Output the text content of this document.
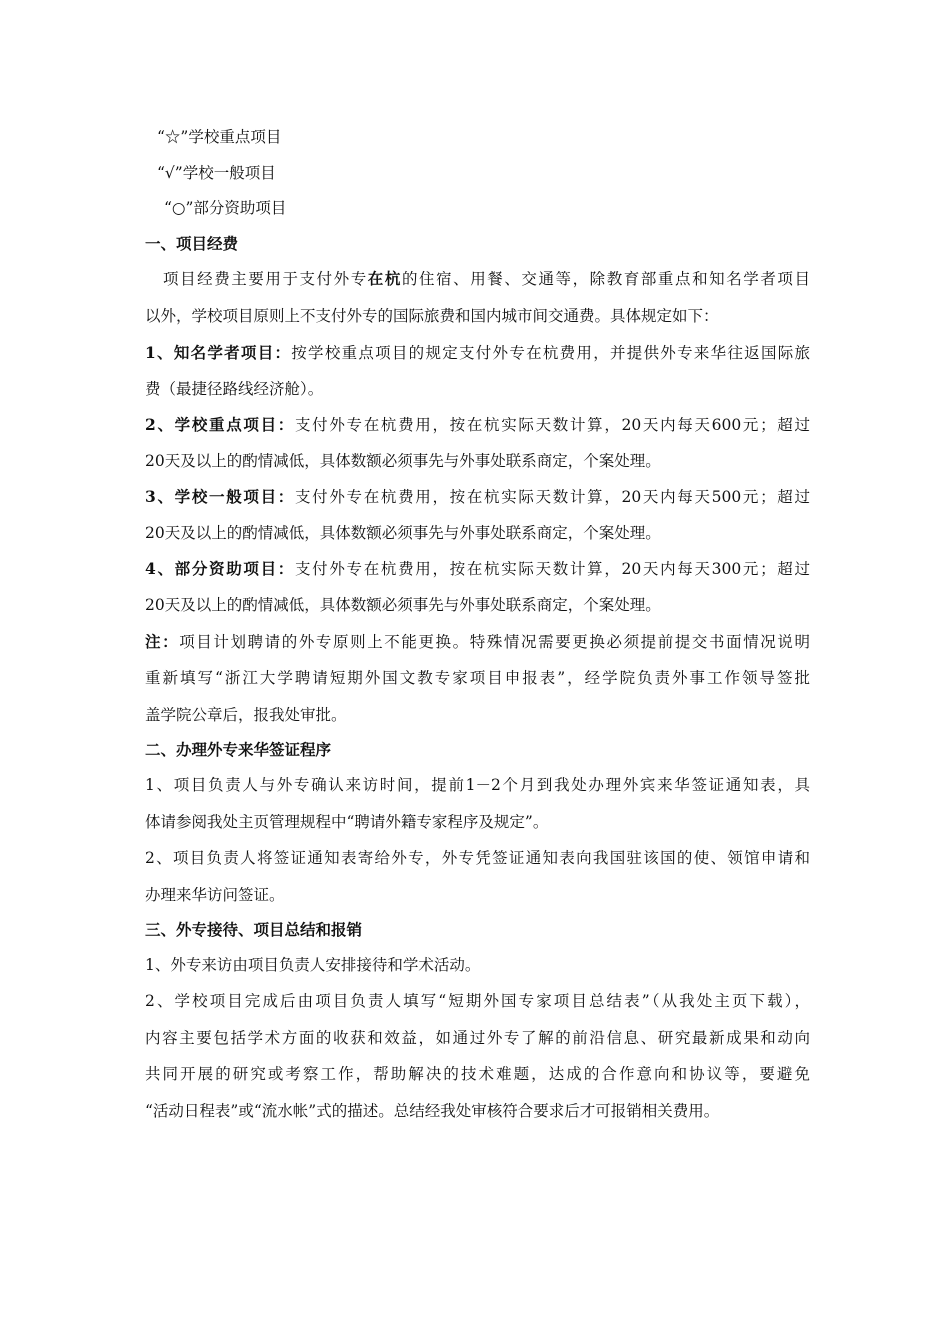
“☆”学校重点项目
“√”学校一般项目
“○”部分资助项目
一、项目经费
项目经费主要用于支付外专在杭的住宿、用餐、交通等，除教育部重点和知名学者项目
以外，学校项目原则上不支付外专的国际旅费和国内城市间交通费。具体规定如下：
1、知名学者项目：按学校重点项目的规定支付外专在杭费用，并提供外专来华往返国际旅
费（最捷径路线经济舱）。
2、学校重点项目：支付外专在杭费用，按在杭实际天数计算，20天内每天600元；超过
20天及以上的酌情减低，具体数额必须事先与外事处联系商定，个案处理。
3、学校一般项目：支付外专在杭费用，按在杭实际天数计算，20天内每天500元；超过
20天及以上的酌情减低，具体数额必须事先与外事处联系商定，个案处理。
4、部分资助项目：支付外专在杭费用，按在杭实际天数计算，20天内每天300元；超过
20天及以上的酌情减低，具体数额必须事先与外事处联系商定，个案处理。
注：项目计划聘请的外专原则上不能更换。特殊情况需要更换必须提前提交书面情况说明
重新填写“浙江大学聘请短期外国文教专家项目申报表”，经学院负责外事工作领导签批
盖学院公章后，报我处审批。
二、办理外专来华签证程序
1、项目负责人与外专确认来访时间，提前1－2个月到我处办理外宾来华签证通知表，具
体请参阅我处主页管理规程中“聘请外籍专家程序及规定”。
2、项目负责人将签证通知表寄给外专，外专凭签证通知表向我国驻该国的使、领馆申请和
办理来华访问签证。
三、外专接待、项目总结和报销
1、外专来访由项目负责人安排接待和学术活动。
2、学校项目完成后由项目负责人填写“短期外国专家项目总结表”（从我处主页下载），
内容主要包括学术方面的收获和效益，如通过外专了解的前沿信息、研究最新成果和动向
共同开展的研究或考察工作，帮助解决的技术难题，达成的合作意向和协议等，要避免
“活动日程表”或“流水帐”式的描述。总结经我处审核符合要求后才可报销相关费用。
